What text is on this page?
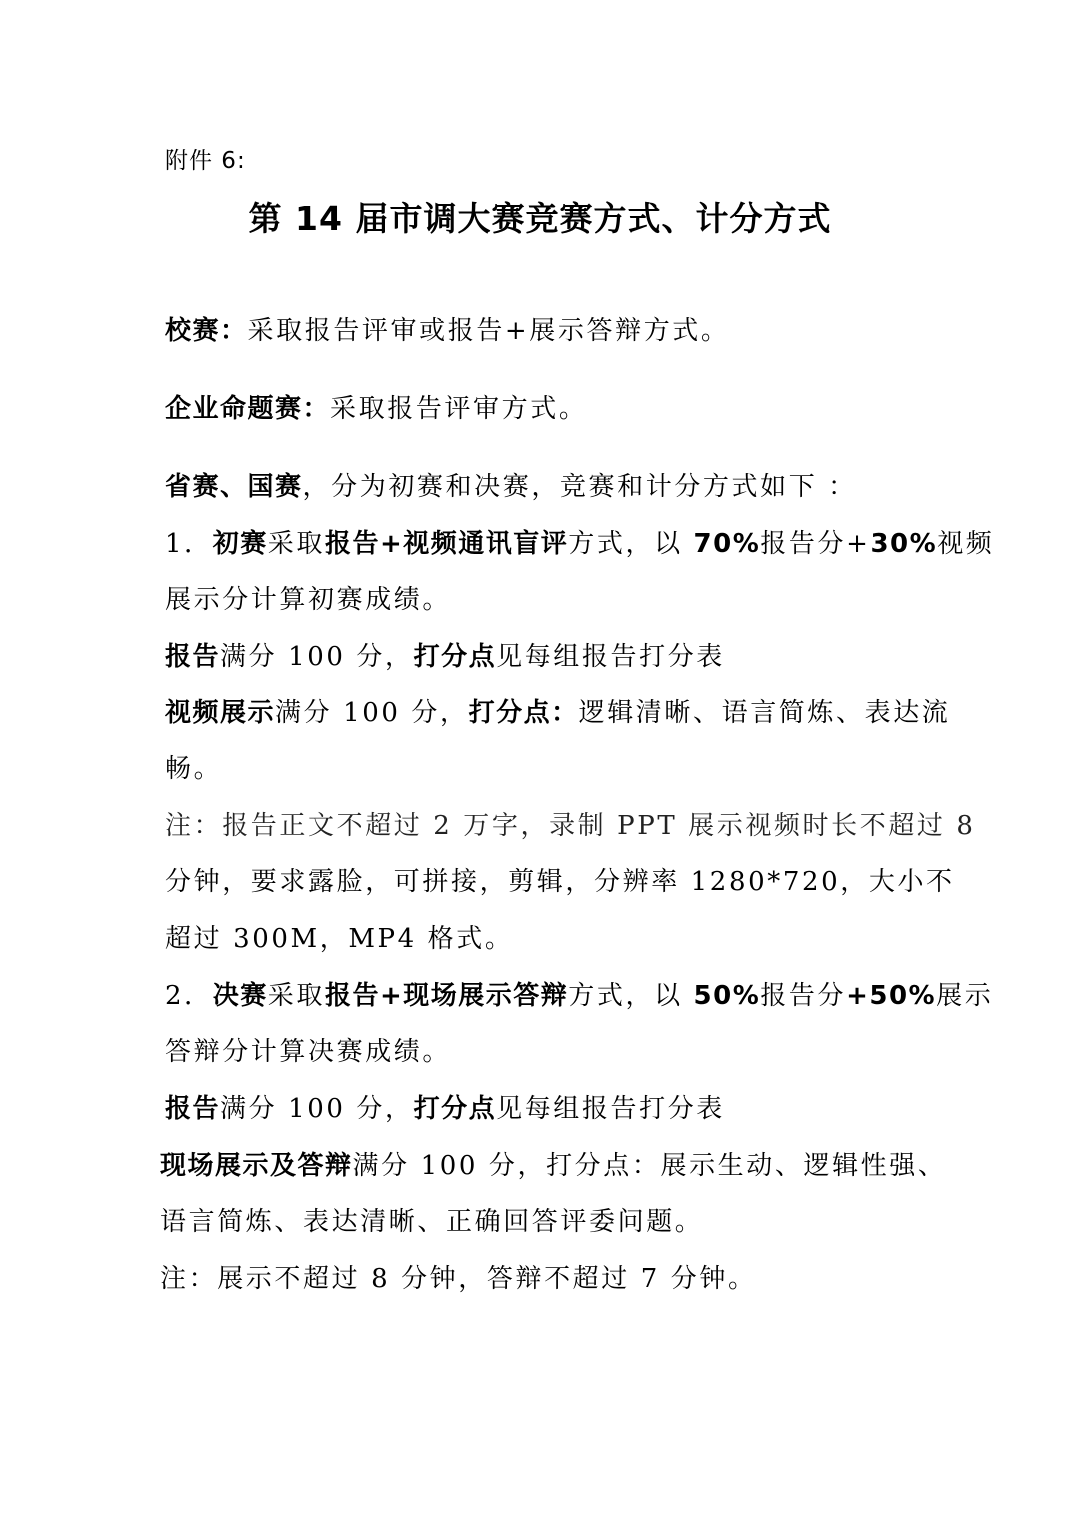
附件 6:
第 14 届市调大赛竞赛方式、计分方式
校赛：采取报告评审或报告+展示答辩方式。
企业命题赛：采取报告评审方式。
省赛、国赛，分为初赛和决赛，竞赛和计分方式如下 ：
1．初赛采取报告+视频通讯盲评方式，以 70%报告分+30%视频
展示分计算初赛成绩。
报告满分 100 分，打分点见每组报告打分表
视频展示满分 100 分，打分点：逻辑清晰、语言简炼、表达流
畅。
注：报告正文不超过 2 万字，录制 PPT 展示视频时长不超过 8
分钟，要求露脸，可拼接，剪辑，分辨率 1280*720，大小不
超过 300M，MP4 格式。
2．决赛采取报告+现场展示答辩方式，以 50%报告分+50%展示
答辩分计算决赛成绩。
报告满分 100 分，打分点见每组报告打分表
现场展示及答辩满分 100 分，打分点：展示生动、逻辑性强、
语言简炼、表达清晰、正确回答评委问题。
注：展示不超过 8 分钟，答辩不超过 7 分钟。
